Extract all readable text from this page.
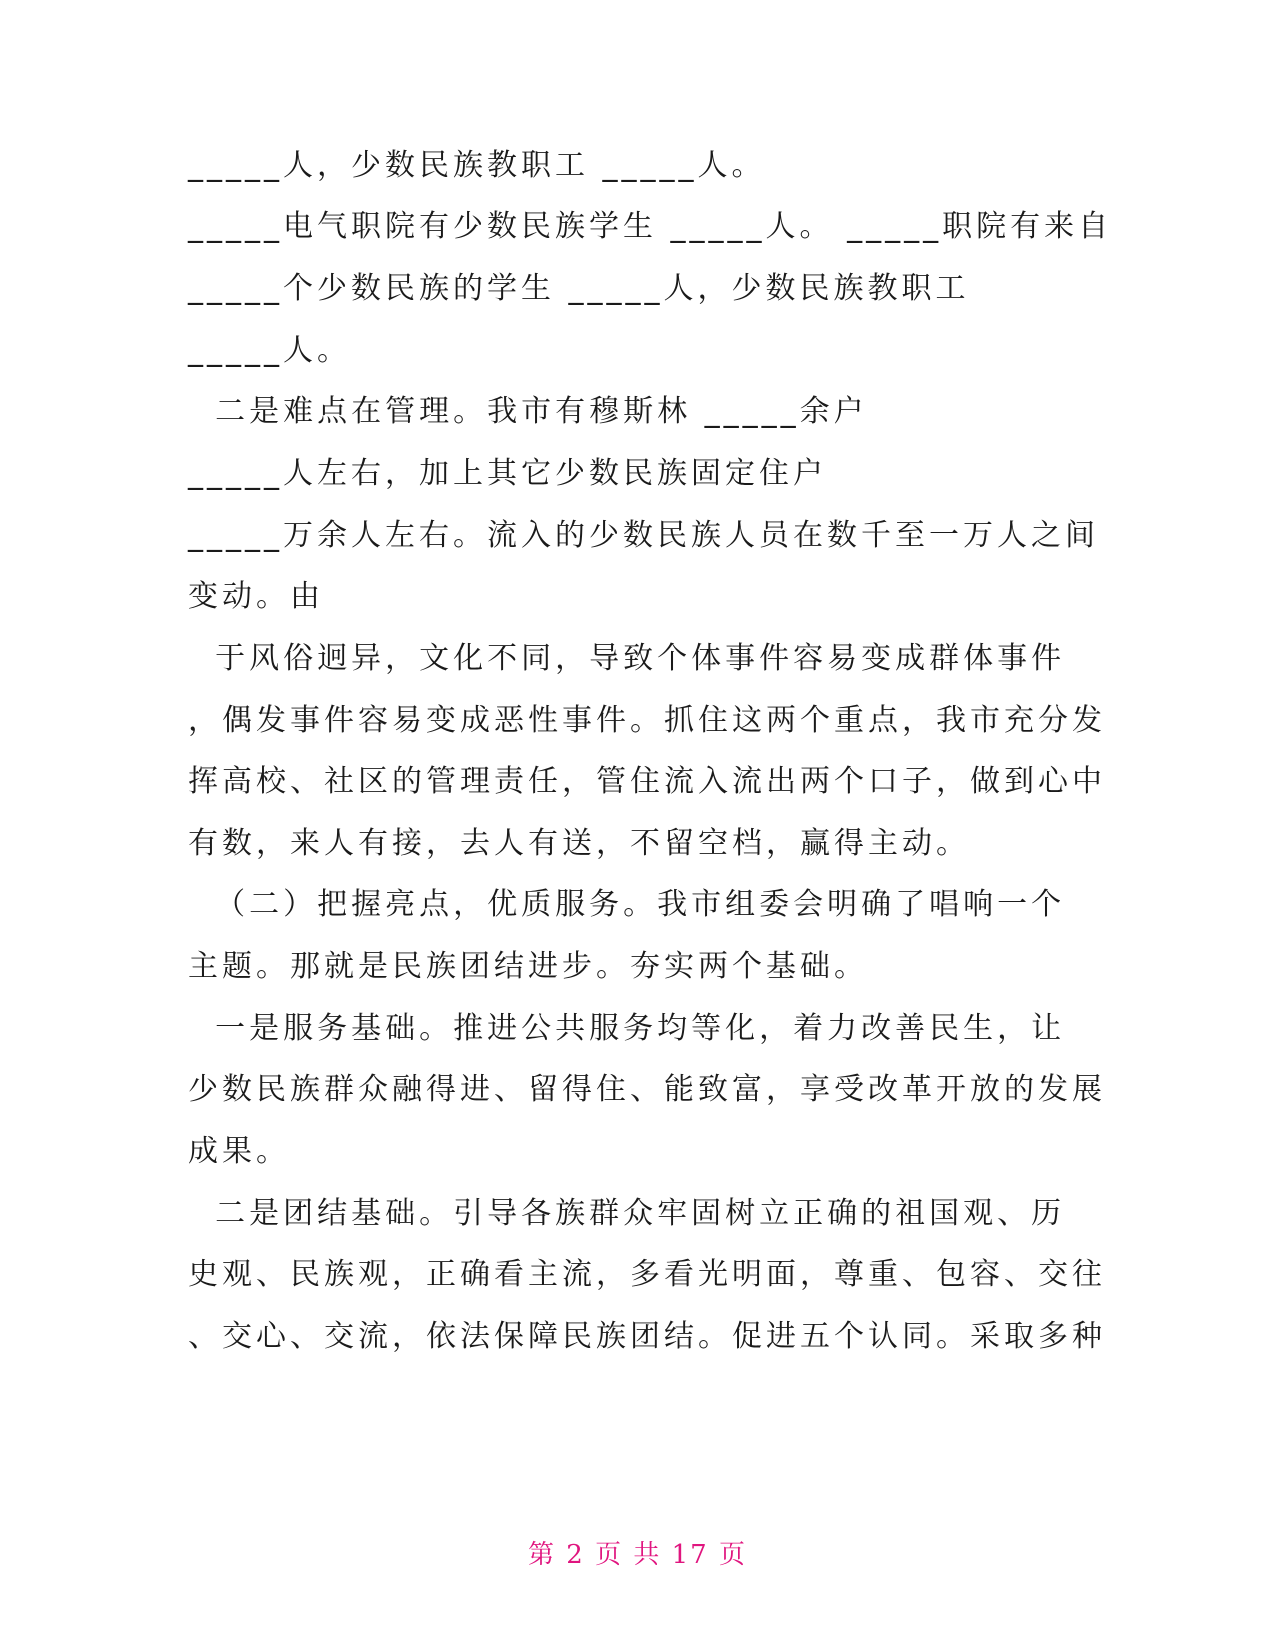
_____人，少数民族教职工 _____人。
_____电气职院有少数民族学生 _____人。 _____职院有来自
_____个少数民族的学生 _____人，少数民族教职工
_____人。
二是难点在管理。我市有穆斯林 _____余户
_____人左右，加上其它少数民族固定住户
_____万余人左右。流入的少数民族人员在数千至一万人之间
变动。由
于风俗迥异，文化不同，导致个体事件容易变成群体事件
，偶发事件容易变成恶性事件。抓住这两个重点，我市充分发
挥高校、社区的管理责任，管住流入流出两个口子，做到心中
有数，来人有接，去人有送，不留空档，赢得主动。
（二）把握亮点，优质服务。我市组委会明确了唱响一个
主题。那就是民族团结进步。夯实两个基础。
一是服务基础。推进公共服务均等化，着力改善民生，让
少数民族群众融得进、留得住、能致富，享受改革开放的发展
成果。
二是团结基础。引导各族群众牢固树立正确的祖国观、历
史观、民族观，正确看主流，多看光明面，尊重、包容、交往
、交心、交流，依法保障民族团结。促进五个认同。采取多种
第 2 页 共 17 页
